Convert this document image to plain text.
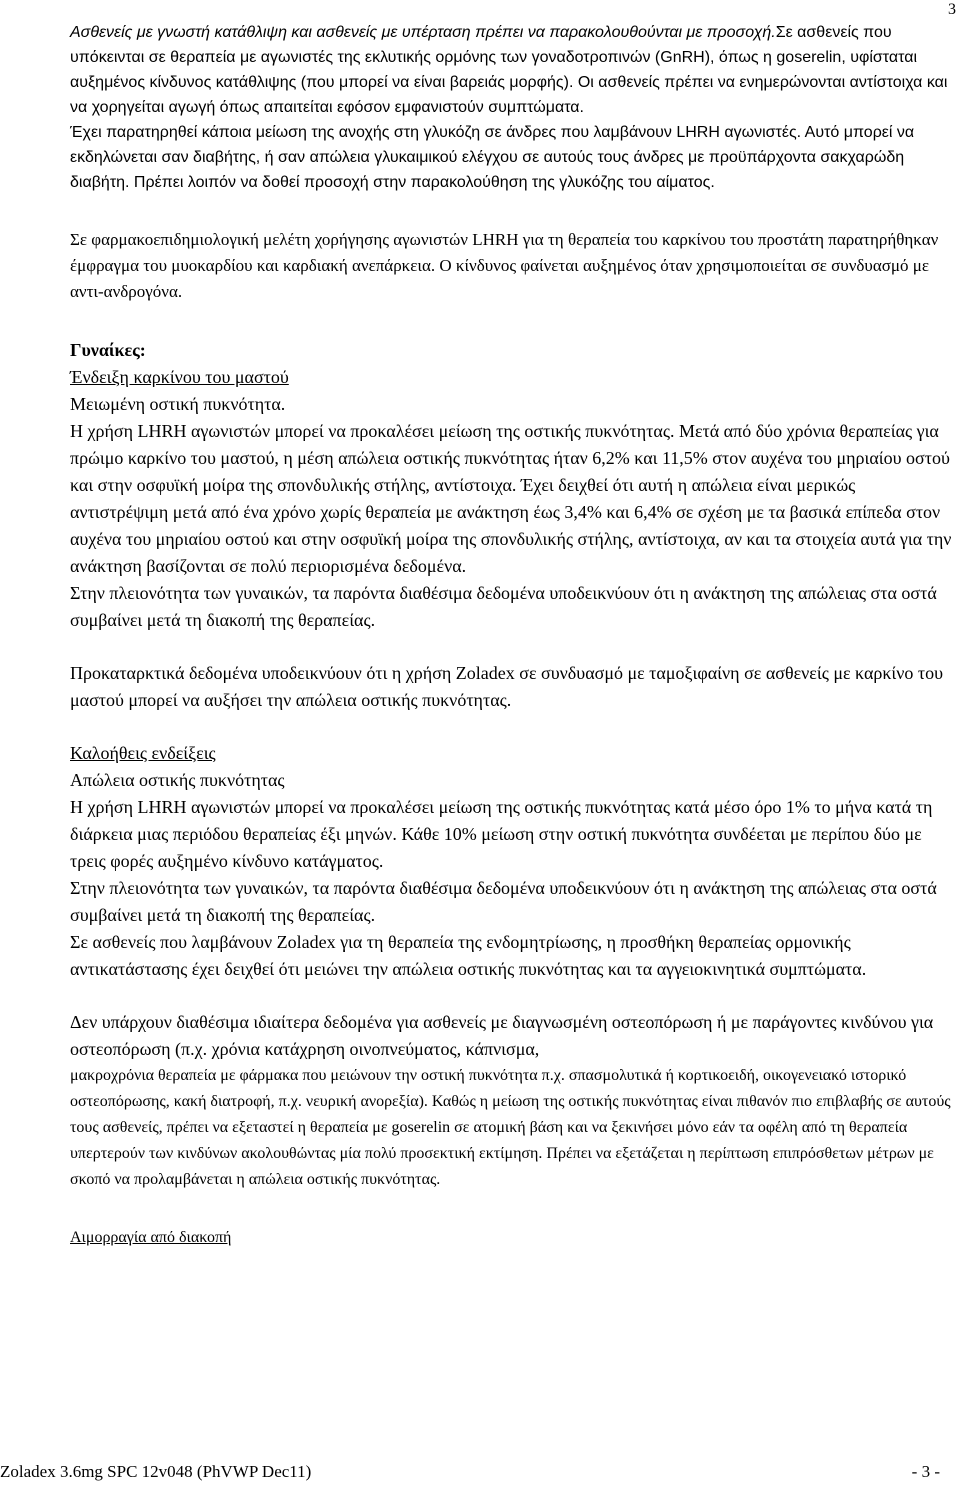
3

Ασθενείς με γνωστή κατάθλιψη και ασθενείς με υπέρταση πρέπει να παρακολουθούνται με προσοχή.Σε ασθενείς που υπόκεινται σε θεραπεία με αγωνιστές της εκλυτικής ορμόνης των γοναδοτροπινών (GnRH), όπως η goserelin, υφίσταται αυξημένος κίνδυνος κατάθλιψης (που μπορεί να είναι βαρειάς μορφής). Οι ασθενείς πρέπει να ενημερώνονται αντίστοιχα και να χορηγείται αγωγή όπως απαιτείται εφόσον εμφανιστούν συμπτώματα.

Έχει παρατηρηθεί κάποια μείωση της ανοχής στη γλυκόζη σε άνδρες που λαμβάνουν LHRH αγωνιστές. Αυτό μπορεί να εκδηλώνεται σαν διαβήτης, ή σαν απώλεια γλυκαιμικού ελέγχου σε αυτούς τους άνδρες με προϋπάρχοντα σακχαρώδη διαβήτη. Πρέπει λοιπόν να δοθεί προσοχή στην παρακολούθηση της γλυκόζης του αίματος.

Σε φαρμακοεπιδημιολογική μελέτη χορήγησης αγωνιστών LHRH για τη θεραπεία του καρκίνου του προστάτη παρατηρήθηκαν έμφραγμα του μυοκαρδίου και καρδιακή ανεπάρκεια. Ο κίνδυνος φαίνεται αυξημένος όταν χρησιμοποιείται σε συνδυασμό με αντι-ανδρογόνα.

Γυναίκες:

Ένδειξη καρκίνου του μαστού

Μειωμένη οστική πυκνότητα.

Η χρήση LHRH αγωνιστών μπορεί να προκαλέσει μείωση της οστικής πυκνότητας. Μετά από δύο χρόνια θεραπείας για πρώιμο καρκίνο του μαστού, η μέση απώλεια οστικής πυκνότητας ήταν 6,2% και 11,5% στον αυχένα του μηριαίου οστού και στην οσφυϊκή μοίρα της σπονδυλικής στήλης, αντίστοιχα. Έχει δειχθεί ότι αυτή η απώλεια είναι μερικώς αντιστρέψιμη μετά από ένα χρόνο χωρίς θεραπεία με ανάκτηση έως 3,4% και 6,4% σε σχέση με τα βασικά επίπεδα στον αυχένα του μηριαίου οστού και στην οσφυϊκή μοίρα της σπονδυλικής στήλης, αντίστοιχα, αν και τα στοιχεία αυτά για την ανάκτηση βασίζονται σε πολύ περιορισμένα δεδομένα.

Στην πλειονότητα των γυναικών, τα παρόντα διαθέσιμα δεδομένα υποδεικνύουν ότι η ανάκτηση της απώλειας στα οστά συμβαίνει μετά τη διακοπή της θεραπείας.

Προκαταρκτικά δεδομένα υποδεικνύουν ότι η χρήση Zoladex σε συνδυασμό με ταμοξιφαίνη σε ασθενείς με καρκίνο του μαστού μπορεί να αυξήσει την απώλεια οστικής πυκνότητας.

Καλοήθεις ενδείξεις

Απώλεια οστικής πυκνότητας

Η χρήση LHRH αγωνιστών μπορεί να προκαλέσει μείωση της οστικής πυκνότητας κατά μέσο όρο 1% το μήνα κατά τη διάρκεια μιας περιόδου θεραπείας έξι μηνών. Κάθε 10% μείωση στην οστική πυκνότητα συνδέεται με περίπου δύο με τρεις φορές αυξημένο κίνδυνο κατάγματος.

Στην πλειονότητα των γυναικών, τα παρόντα διαθέσιμα δεδομένα υποδεικνύουν ότι η ανάκτηση της απώλειας στα οστά συμβαίνει μετά τη διακοπή της θεραπείας.

Σε ασθενείς που λαμβάνουν Zoladex για τη θεραπεία της ενδομητρίωσης, η προσθήκη θεραπείας ορμονικής αντικατάστασης έχει δειχθεί ότι μειώνει την απώλεια οστικής πυκνότητας και τα αγγειοκινητικά συμπτώματα.

Δεν υπάρχουν διαθέσιμα ιδιαίτερα δεδομένα για ασθενείς με διαγνωσμένη οστεοπόρωση ή με παράγοντες κινδύνου για οστεοπόρωση (π.χ. χρόνια κατάχρηση οινοπνεύματος, κάπνισμα,

μακροχρόνια θεραπεία με φάρμακα που μειώνουν την οστική πυκνότητα π.χ. σπασμολυτικά ή κορτικοειδή, οικογενειακό ιστορικό οστεοπόρωσης, κακή διατροφή, π.χ. νευρική ανορεξία). Καθώς η μείωση της οστικής πυκνότητας είναι πιθανόν πιο επιβλαβής σε αυτούς τους ασθενείς, πρέπει να εξεταστεί η θεραπεία με goserelin σε ατομική βάση και να ξεκινήσει μόνο εάν τα οφέλη από τη θεραπεία υπερτερούν των κινδύνων ακολουθώντας μία πολύ προσεκτική εκτίμηση. Πρέπει να εξετάζεται η περίπτωση επιπρόσθετων μέτρων με σκοπό να προλαμβάνεται η απώλεια οστικής πυκνότητας.

Αιμορραγία από διακοπή

Zoladex 3.6mg SPC 12v048 (PhVWP Dec11)	- 3 -
